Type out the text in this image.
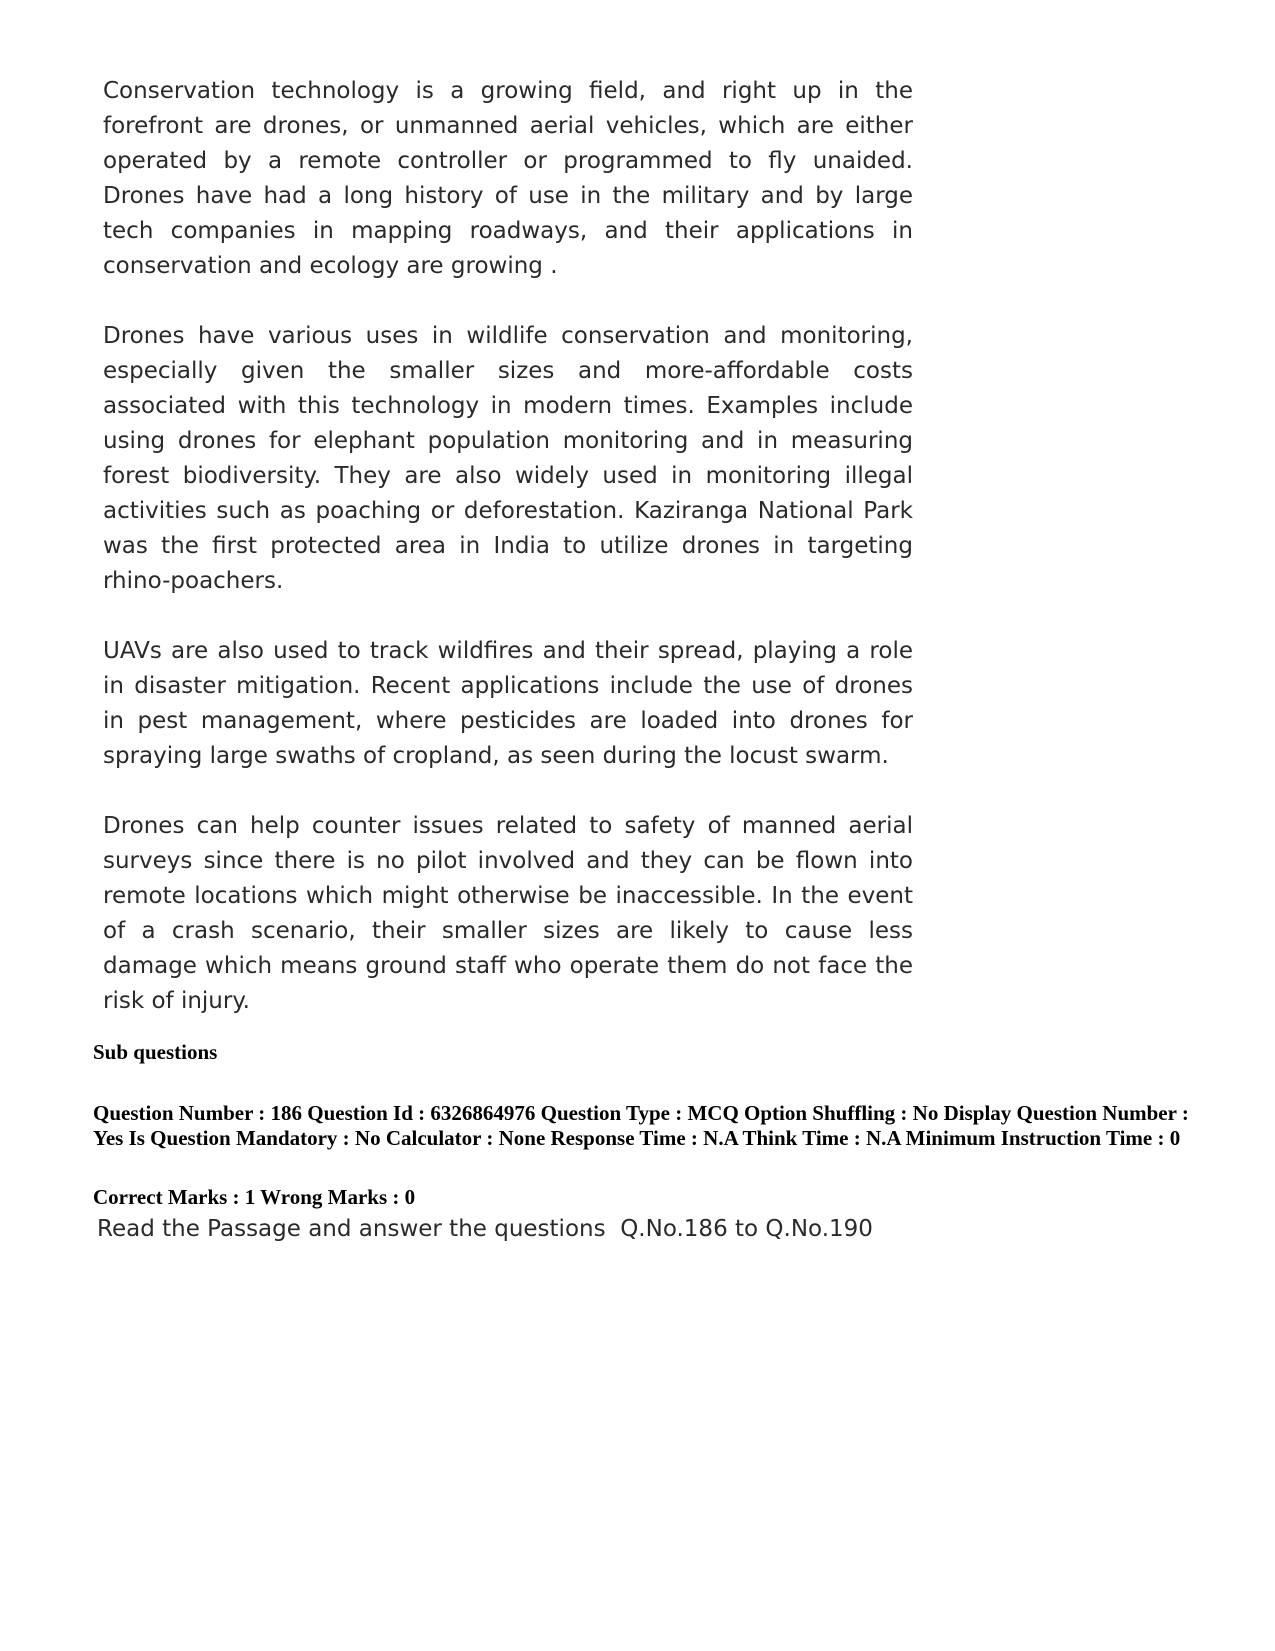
Conservation technology is a growing field, and right up in the forefront are drones, or unmanned aerial vehicles, which are either operated by a remote controller or programmed to fly unaided. Drones have had a long history of use in the military and by large tech companies in mapping roadways, and their applications in conservation and ecology are growing .

Drones have various uses in wildlife conservation and monitoring, especially given the smaller sizes and more-affordable costs associated with this technology in modern times. Examples include using drones for elephant population monitoring and in measuring forest biodiversity. They are also widely used in monitoring illegal activities such as poaching or deforestation. Kaziranga National Park was the first protected area in India to utilize drones in targeting rhino-poachers.

UAVs are also used to track wildfires and their spread, playing a role in disaster mitigation. Recent applications include the use of drones in pest management, where pesticides are loaded into drones for spraying large swaths of cropland, as seen during the locust swarm.

Drones can help counter issues related to safety of manned aerial surveys since there is no pilot involved and they can be flown into remote locations which might otherwise be inaccessible. In the event of a crash scenario, their smaller sizes are likely to cause less damage which means ground staff who operate them do not face the risk of injury.

Sub questions
Question Number : 186 Question Id : 6326864976 Question Type : MCQ Option Shuffling : No Display Question Number : Yes Is Question Mandatory : No Calculator : None Response Time : N.A Think Time : N.A Minimum Instruction Time : 0
Correct Marks : 1 Wrong Marks : 0
Read the Passage and answer the questions  Q.No.186 to Q.No.190
